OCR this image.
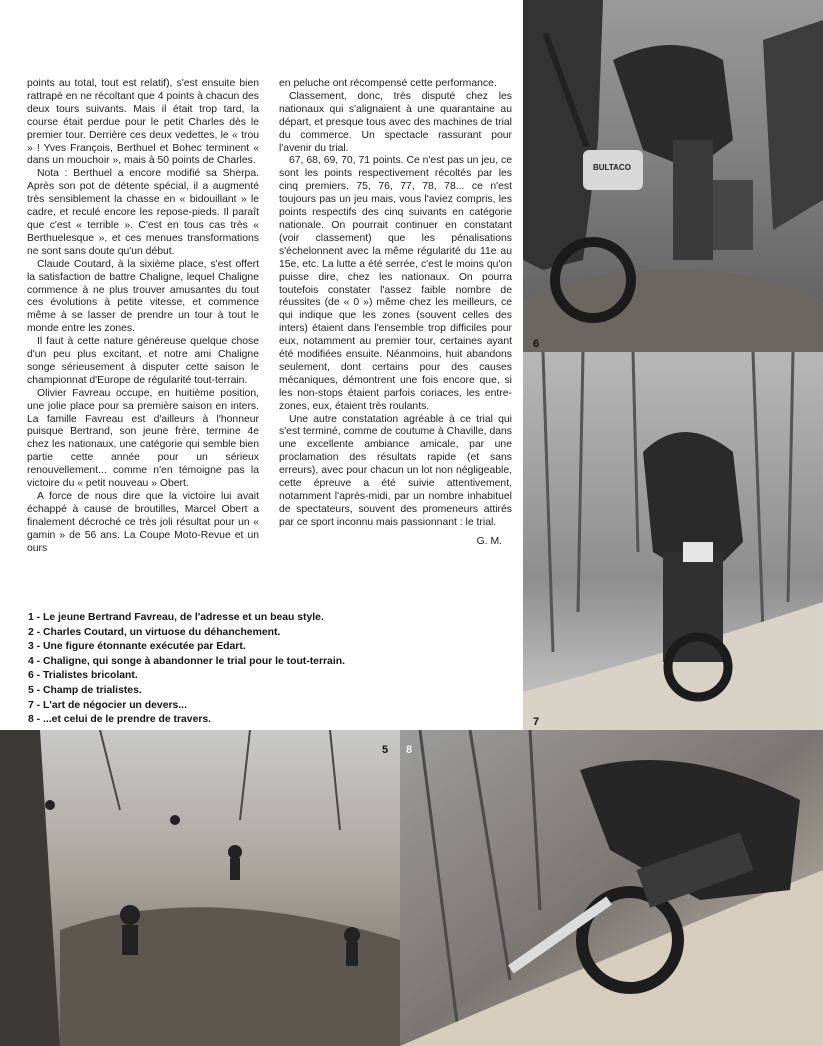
6
BULTACO
7
5 8

points au total, tout est relatif), s'est ensuite bien rattrapé en ne récoltant que 4 points à chacun des deux tours suivants. Mais il était trop tard, la course était perdue pour le petit Charles dès le premier tour. Derrière ces deux vedettes, le « trou » ! Yves François, Berthuel et Bohec terminent « dans un mouchoir », mais à 50 points de Charles.

Nota : Berthuel a encore modifié sa Sherpa. Après son pot de détente spécial, il a augmenté très sensiblement la chasse en « bidouillant » le cadre, et reculé encore les repose-pieds. Il paraît que c'est « terrible ». C'est en tous cas très « Berthuelesque », et ces menues transformations ne sont sans doute qu'un début.

Claude Coutard, à la sixième place, s'est offert la satisfaction de battre Chaligne, lequel Chaligne commence à ne plus trouver amusantes du tout ces évolutions à petite vitesse, et commence même à se lasser de prendre un tour à tout le monde entre les zones.

Il faut à cette nature généreuse quelque chose d'un peu plus excitant, et notre ami Chaligne songe sérieusement à disputer cette saison le championnat d'Europe de régularité tout-terrain.

Olivier Favreau occupe, en huitième position, une jolie place pour sa première saison en inters. La famille Favreau est d'ailleurs à l'honneur puisque Bertrand, son jeune frère, termine 4e chez les nationaux, une catégorie qui semble bien partie cette année pour un sérieux renouvellement... comme n'en témoigne pas la victoire du « petit nouveau » Obert.

A force de nous dire que la victoire lui avait échappé à cause de broutilles, Marcel Obert a finalement décroché ce très joli résultat pour un « gamin » de 56 ans. La Coupe Moto-Revue et un ours

en peluche ont récompensé cette performance.

Classement, donc, très disputé chez les nationaux qui s'alignaient à une quarantaine au départ, et presque tous avec des machines de trial du commerce. Un spectacle rassurant pour l'avenir du trial.

67, 68, 69, 70, 71 points. Ce n'est pas un jeu, ce sont les points respectivement récoltés par les cinq premiers. 75, 76, 77, 78, 78... ce n'est toujours pas un jeu mais, vous l'aviez compris, les points respectifs des cinq suivants en catégorie nationale. On pourrait continuer en constatant (voir classement) que les pénalisations s'échelonnent avec la même régularité du 11e au 15e, etc. La lutte a été serrée, c'est le moins qu'on puisse dire, chez les nationaux. On pourra toutefois constater l'assez faible nombre de réussites (de « 0 ») même chez les meilleurs, ce qui indique que les zones (souvent celles des inters) étaient dans l'ensemble trop difficiles pour eux, notamment au premier tour, certaines ayant été modifiées ensuite. Néanmoins, huit abandons seulement, dont certains pour des causes mécaniques, démontrent une fois encore que, si les non-stops étaient parfois coriaces, les entre-zones, eux, étaient très roulants.

Une autre constatation agréable à ce trial qui s'est terminé, comme de coutume à Chaville, dans une excellente ambiance amicale, par une proclamation des résultats rapide (et sans erreurs), avec pour chacun un lot non négligeable, cette épreuve a été suivie attentivement, notamment l'après-midi, par un nombre inhabituel de spectateurs, souvent des promeneurs attirés par ce sport inconnu mais passionnant : le trial.

G. M.

1 - Le jeune Bertrand Favreau, de l'adresse et un beau style.
2 - Charles Coutard, un virtuose du déhanchement.
3 - Une figure étonnante exécutée par Edart.
4 - Chaligne, qui songe à abandonner le trial pour le tout-terrain.
6 - Trialistes bricolant.
5 - Champ de trialistes.
7 - L'art de négocier un devers...
8 - ...et celui de le prendre de travers.
